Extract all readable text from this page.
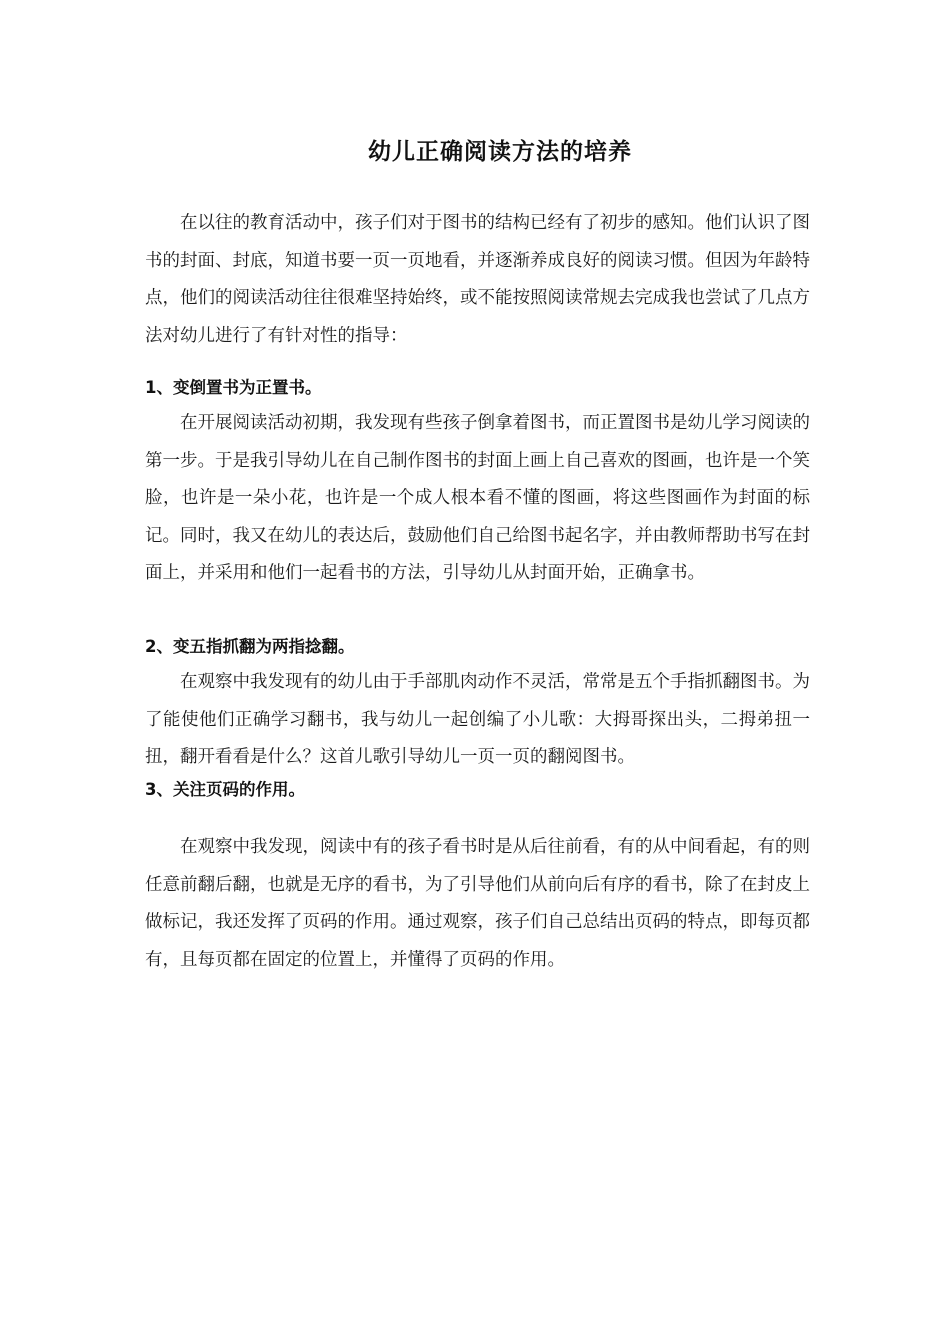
幼儿正确阅读方法的培养

在以往的教育活动中，孩子们对于图书的结构已经有了初步的感知。他们认识了图书的封面、封底，知道书要一页一页地看，并逐渐养成良好的阅读习惯。但因为年龄特点，他们的阅读活动往往很难坚持始终，或不能按照阅读常规去完成我也尝试了几点方法对幼儿进行了有针对性的指导：

1、变倒置书为正置书。

在开展阅读活动初期，我发现有些孩子倒拿着图书，而正置图书是幼儿学习阅读的第一步。于是我引导幼儿在自己制作图书的封面上画上自己喜欢的图画，也许是一个笑脸，也许是一朵小花，也许是一个成人根本看不懂的图画，将这些图画作为封面的标记。同时，我又在幼儿的表达后，鼓励他们自己给图书起名字，并由教师帮助书写在封面上，并采用和他们一起看书的方法，引导幼儿从封面开始，正确拿书。

2、变五指抓翻为两指捻翻。

在观察中我发现有的幼儿由于手部肌肉动作不灵活，常常是五个手指抓翻图书。为了能使他们正确学习翻书，我与幼儿一起创编了小儿歌：大拇哥探出头，二拇弟扭一扭，翻开看看是什么？这首儿歌引导幼儿一页一页的翻阅图书。

3、关注页码的作用。

在观察中我发现，阅读中有的孩子看书时是从后往前看，有的从中间看起，有的则任意前翻后翻，也就是无序的看书，为了引导他们从前向后有序的看书，除了在封皮上做标记，我还发挥了页码的作用。通过观察，孩子们自己总结出页码的特点，即每页都有，且每页都在固定的位置上，并懂得了页码的作用。
